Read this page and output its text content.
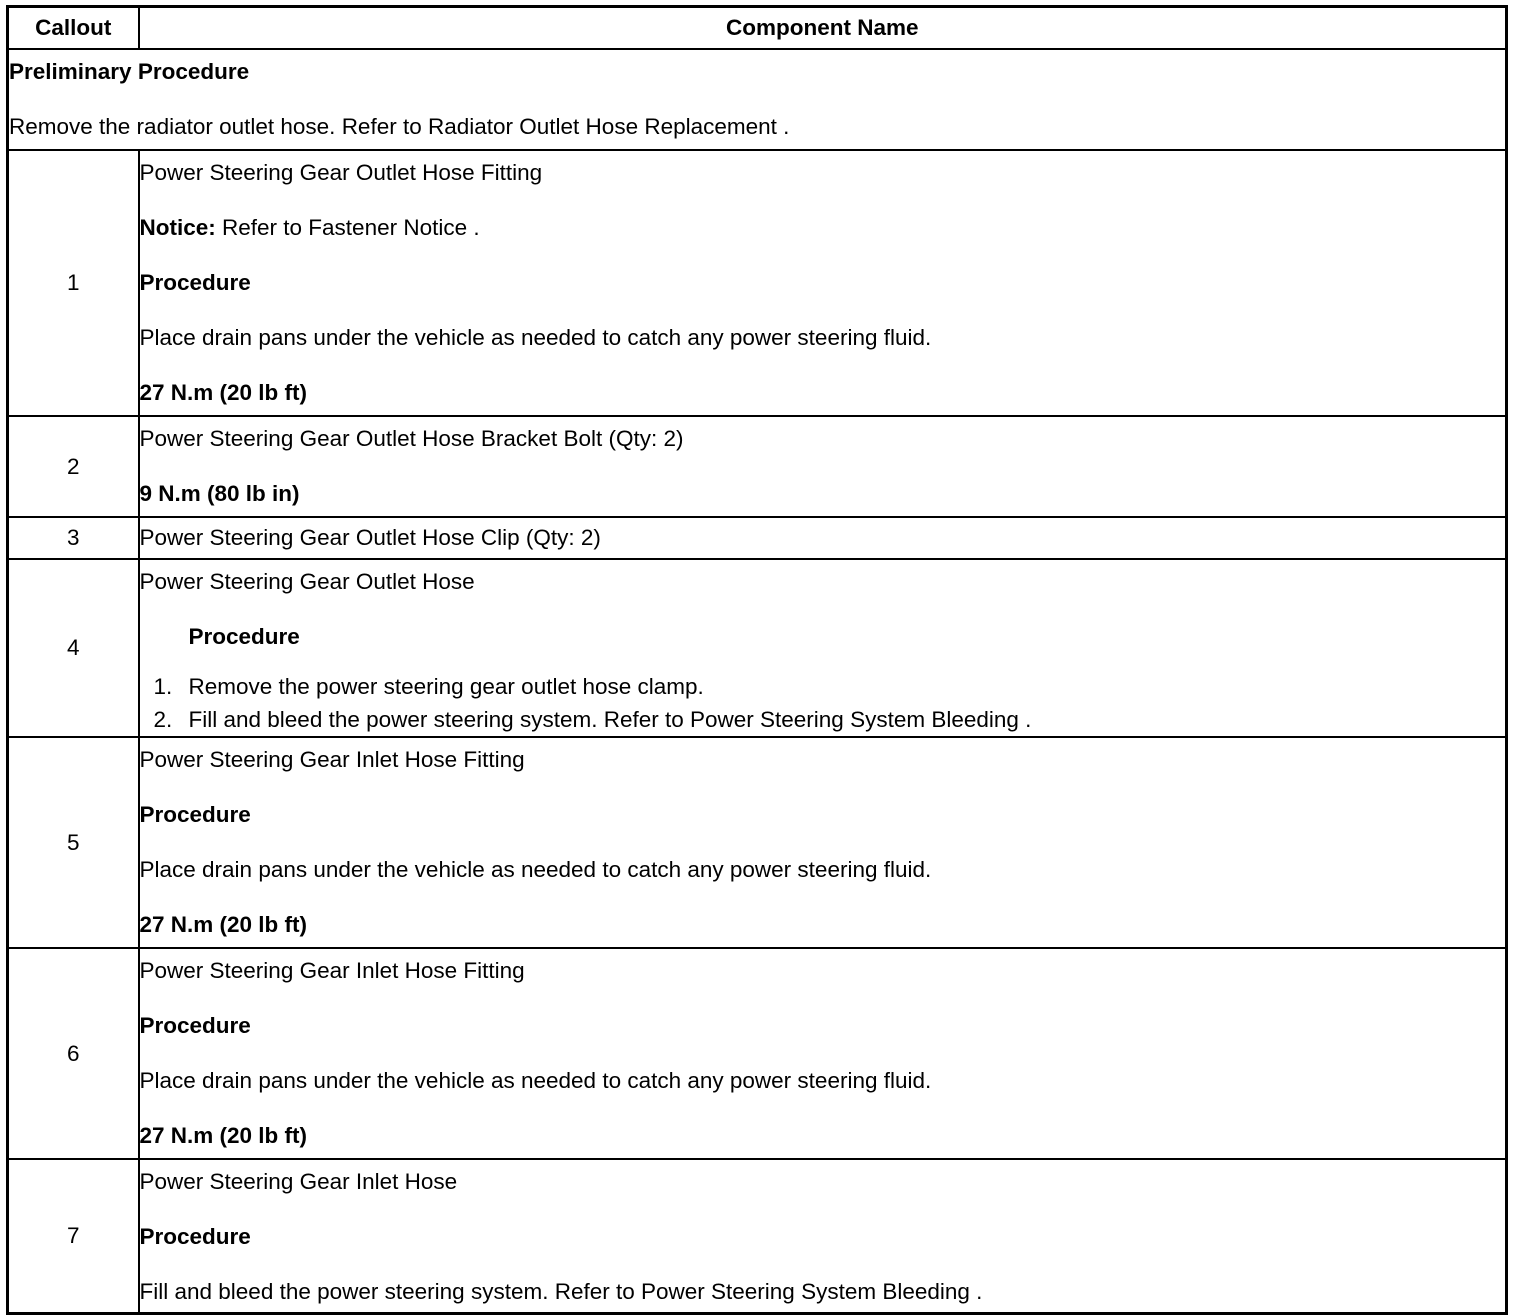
Callout	Component Name

Preliminary Procedure
Remove the radiator outlet hose. Refer to Radiator Outlet Hose Replacement .	

1	Power Steering Gear Outlet Hose Fitting
Notice: Refer to Fastener Notice .
Procedure
Place drain pans under the vehicle as needed to catch any power steering fluid.
27 N.m (20 lb ft)

2	Power Steering Gear Outlet Hose Bracket Bolt (Qty: 2)
9 N.m (80 lb in)

3	Power Steering Gear Outlet Hose Clip (Qty: 2)

4	Power Steering Gear Outlet Hose
Procedure
1. Remove the power steering gear outlet hose clamp.
2. Fill and bleed the power steering system. Refer to Power Steering System Bleeding .

5	Power Steering Gear Inlet Hose Fitting
Procedure
Place drain pans under the vehicle as needed to catch any power steering fluid.
27 N.m (20 lb ft)

6	Power Steering Gear Inlet Hose Fitting
Procedure
Place drain pans under the vehicle as needed to catch any power steering fluid.
27 N.m (20 lb ft)

7	Power Steering Gear Inlet Hose
Procedure
Fill and bleed the power steering system. Refer to Power Steering System Bleeding .
